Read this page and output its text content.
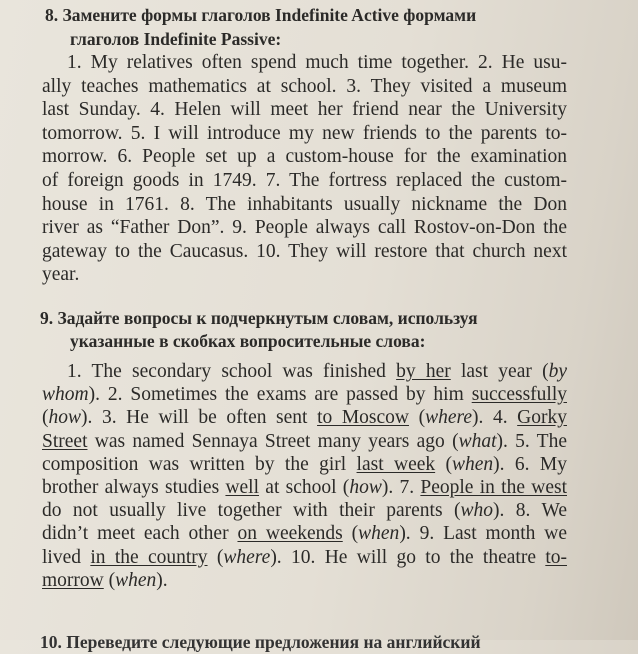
8. Замените формы глаголов Indefinite Active формами
глаголов Indefinite Passive:
1. My relatives often spend much time together. 2. He usu-
ally teaches mathematics at school. 3. They visited a museum
last Sunday. 4. Helen will meet her friend near the University
tomorrow. 5. I will introduce my new friends to the parents to-
morrow. 6. People set up a custom-house for the examination
of foreign goods in 1749. 7. The fortress replaced the custom-
house in 1761. 8. The inhabitants usually nickname the Don
river as “Father Don”. 9. People always call Rostov-on-Don the
gateway to the Caucasus. 10. They will restore that church next
year.
9. Задайте вопросы к подчеркнутым словам, используя
указанные в скобках вопросительные слова:
1. The secondary school was finished by her last year (by
whom). 2. Sometimes the exams are passed by him successfully
(how). 3. He will be often sent to Moscow (where). 4. Gorky
Street was named Sennaya Street many years ago (what). 5. The
composition was written by the girl last week (when). 6. My
brother always studies well at school (how). 7. People in the west
do not usually live together with their parents (who). 8. We
didn’t meet each other on weekends (when). 9. Last month we
lived in the country (where). 10. He will go to the theatre to-
morrow (when).
10. Переведите следующие предложения на английский
